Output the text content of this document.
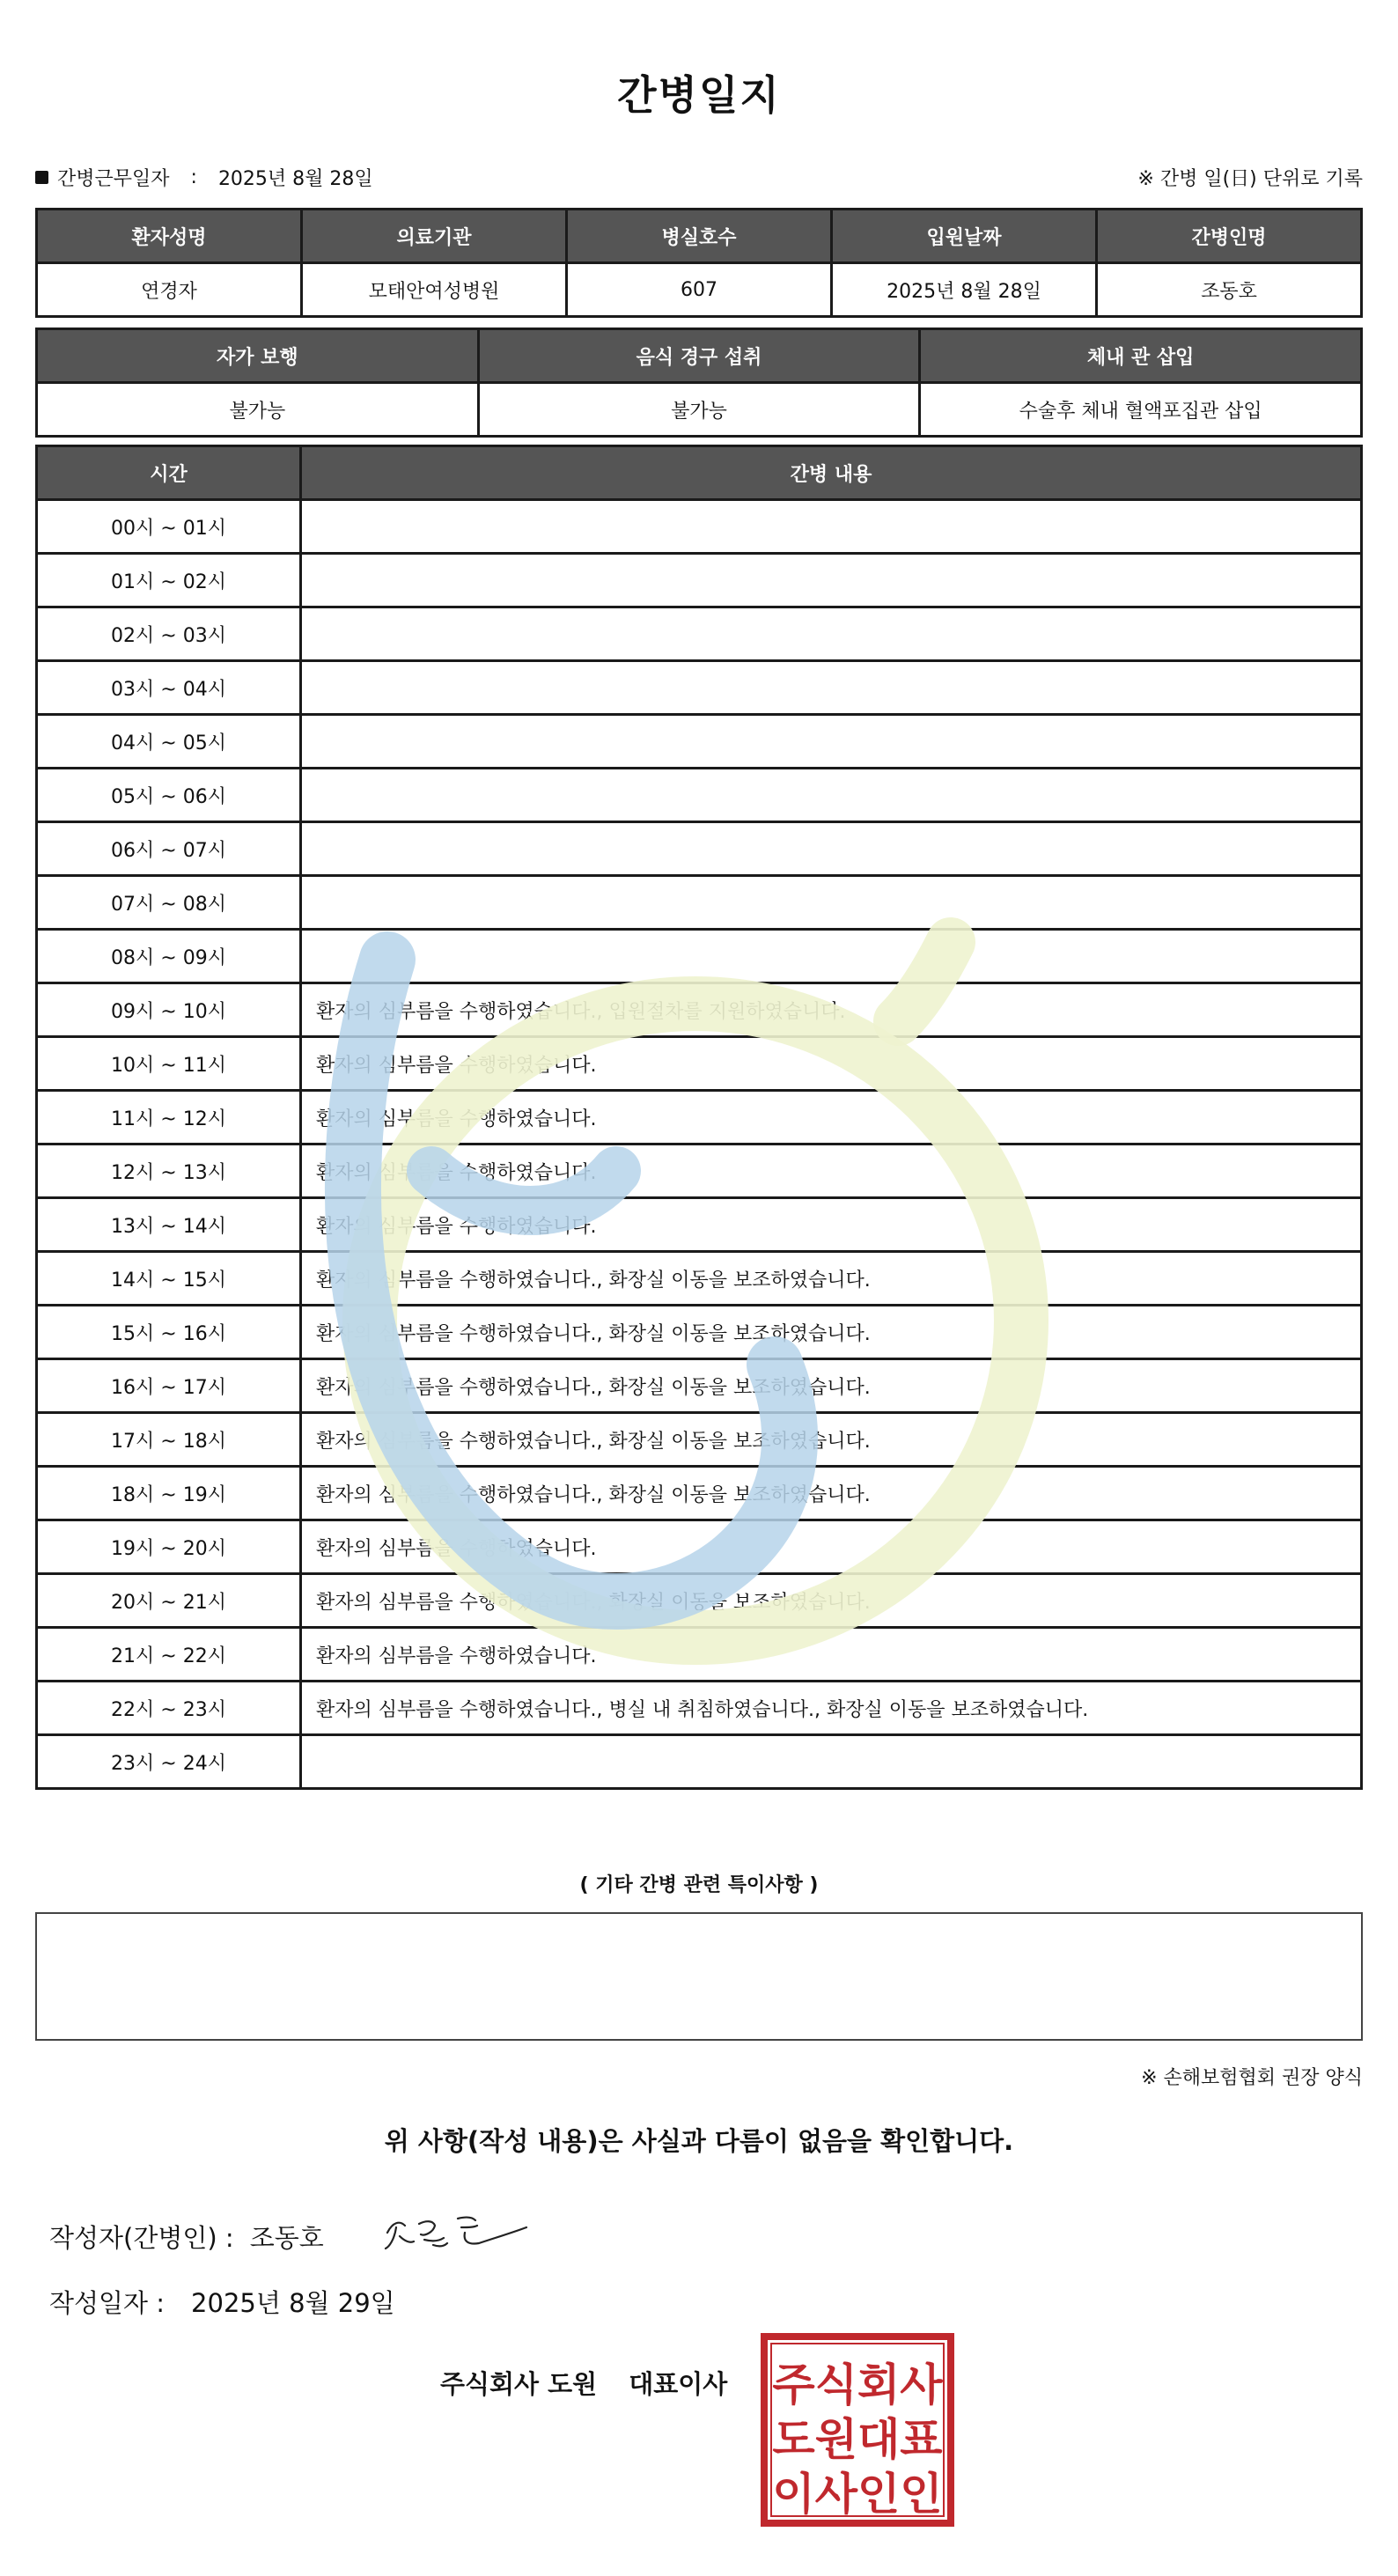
간병일지
간병근무일자 : 2025년 8월 28일	※ 간병 일(日) 단위로 기록
환자성명	의료기관	병실호수	입원날짜	간병인명
연경자	모태안여성병원	607	2025년 8월 28일	조동호
자가 보행	음식 경구 섭취	체내 관 삽입
불가능	불가능	수술후 체내 혈액포집관 삽입
시간	간병 내용
00시 ~ 01시	
01시 ~ 02시	
02시 ~ 03시	
03시 ~ 04시	
04시 ~ 05시	
05시 ~ 06시	
06시 ~ 07시	
07시 ~ 08시	
08시 ~ 09시	
09시 ~ 10시	환자의 심부름을 수행하였습니다., 입원절차를 지원하였습니다.
10시 ~ 11시	환자의 심부름을 수행하였습니다.
11시 ~ 12시	환자의 심부름을 수행하였습니다.
12시 ~ 13시	환자의 심부름을 수행하였습니다.
13시 ~ 14시	환자의 심부름을 수행하였습니다.
14시 ~ 15시	환자의 심부름을 수행하였습니다., 화장실 이동을 보조하였습니다.
15시 ~ 16시	환자의 심부름을 수행하였습니다., 화장실 이동을 보조하였습니다.
16시 ~ 17시	환자의 심부름을 수행하였습니다., 화장실 이동을 보조하였습니다.
17시 ~ 18시	환자의 심부름을 수행하였습니다., 화장실 이동을 보조하였습니다.
18시 ~ 19시	환자의 심부름을 수행하였습니다., 화장실 이동을 보조하였습니다.
19시 ~ 20시	환자의 심부름을 수행하였습니다.
20시 ~ 21시	환자의 심부름을 수행하였습니다., 화장실 이동을 보조하였습니다.
21시 ~ 22시	환자의 심부름을 수행하였습니다.
22시 ~ 23시	환자의 심부름을 수행하였습니다., 병실 내 취침하였습니다., 화장실 이동을 보조하였습니다.
23시 ~ 24시	
( 기타 간병 관련 특이사항 )
※ 손해보험협회 권장 양식
위 사항(작성 내용)은 사실과 다름이 없음을 확인합니다.
작성자(간병인) : 조동호
작성일자 : 2025년 8월 29일
주식회사 도원 대표이사 주식회사
도원대표
이사인인
